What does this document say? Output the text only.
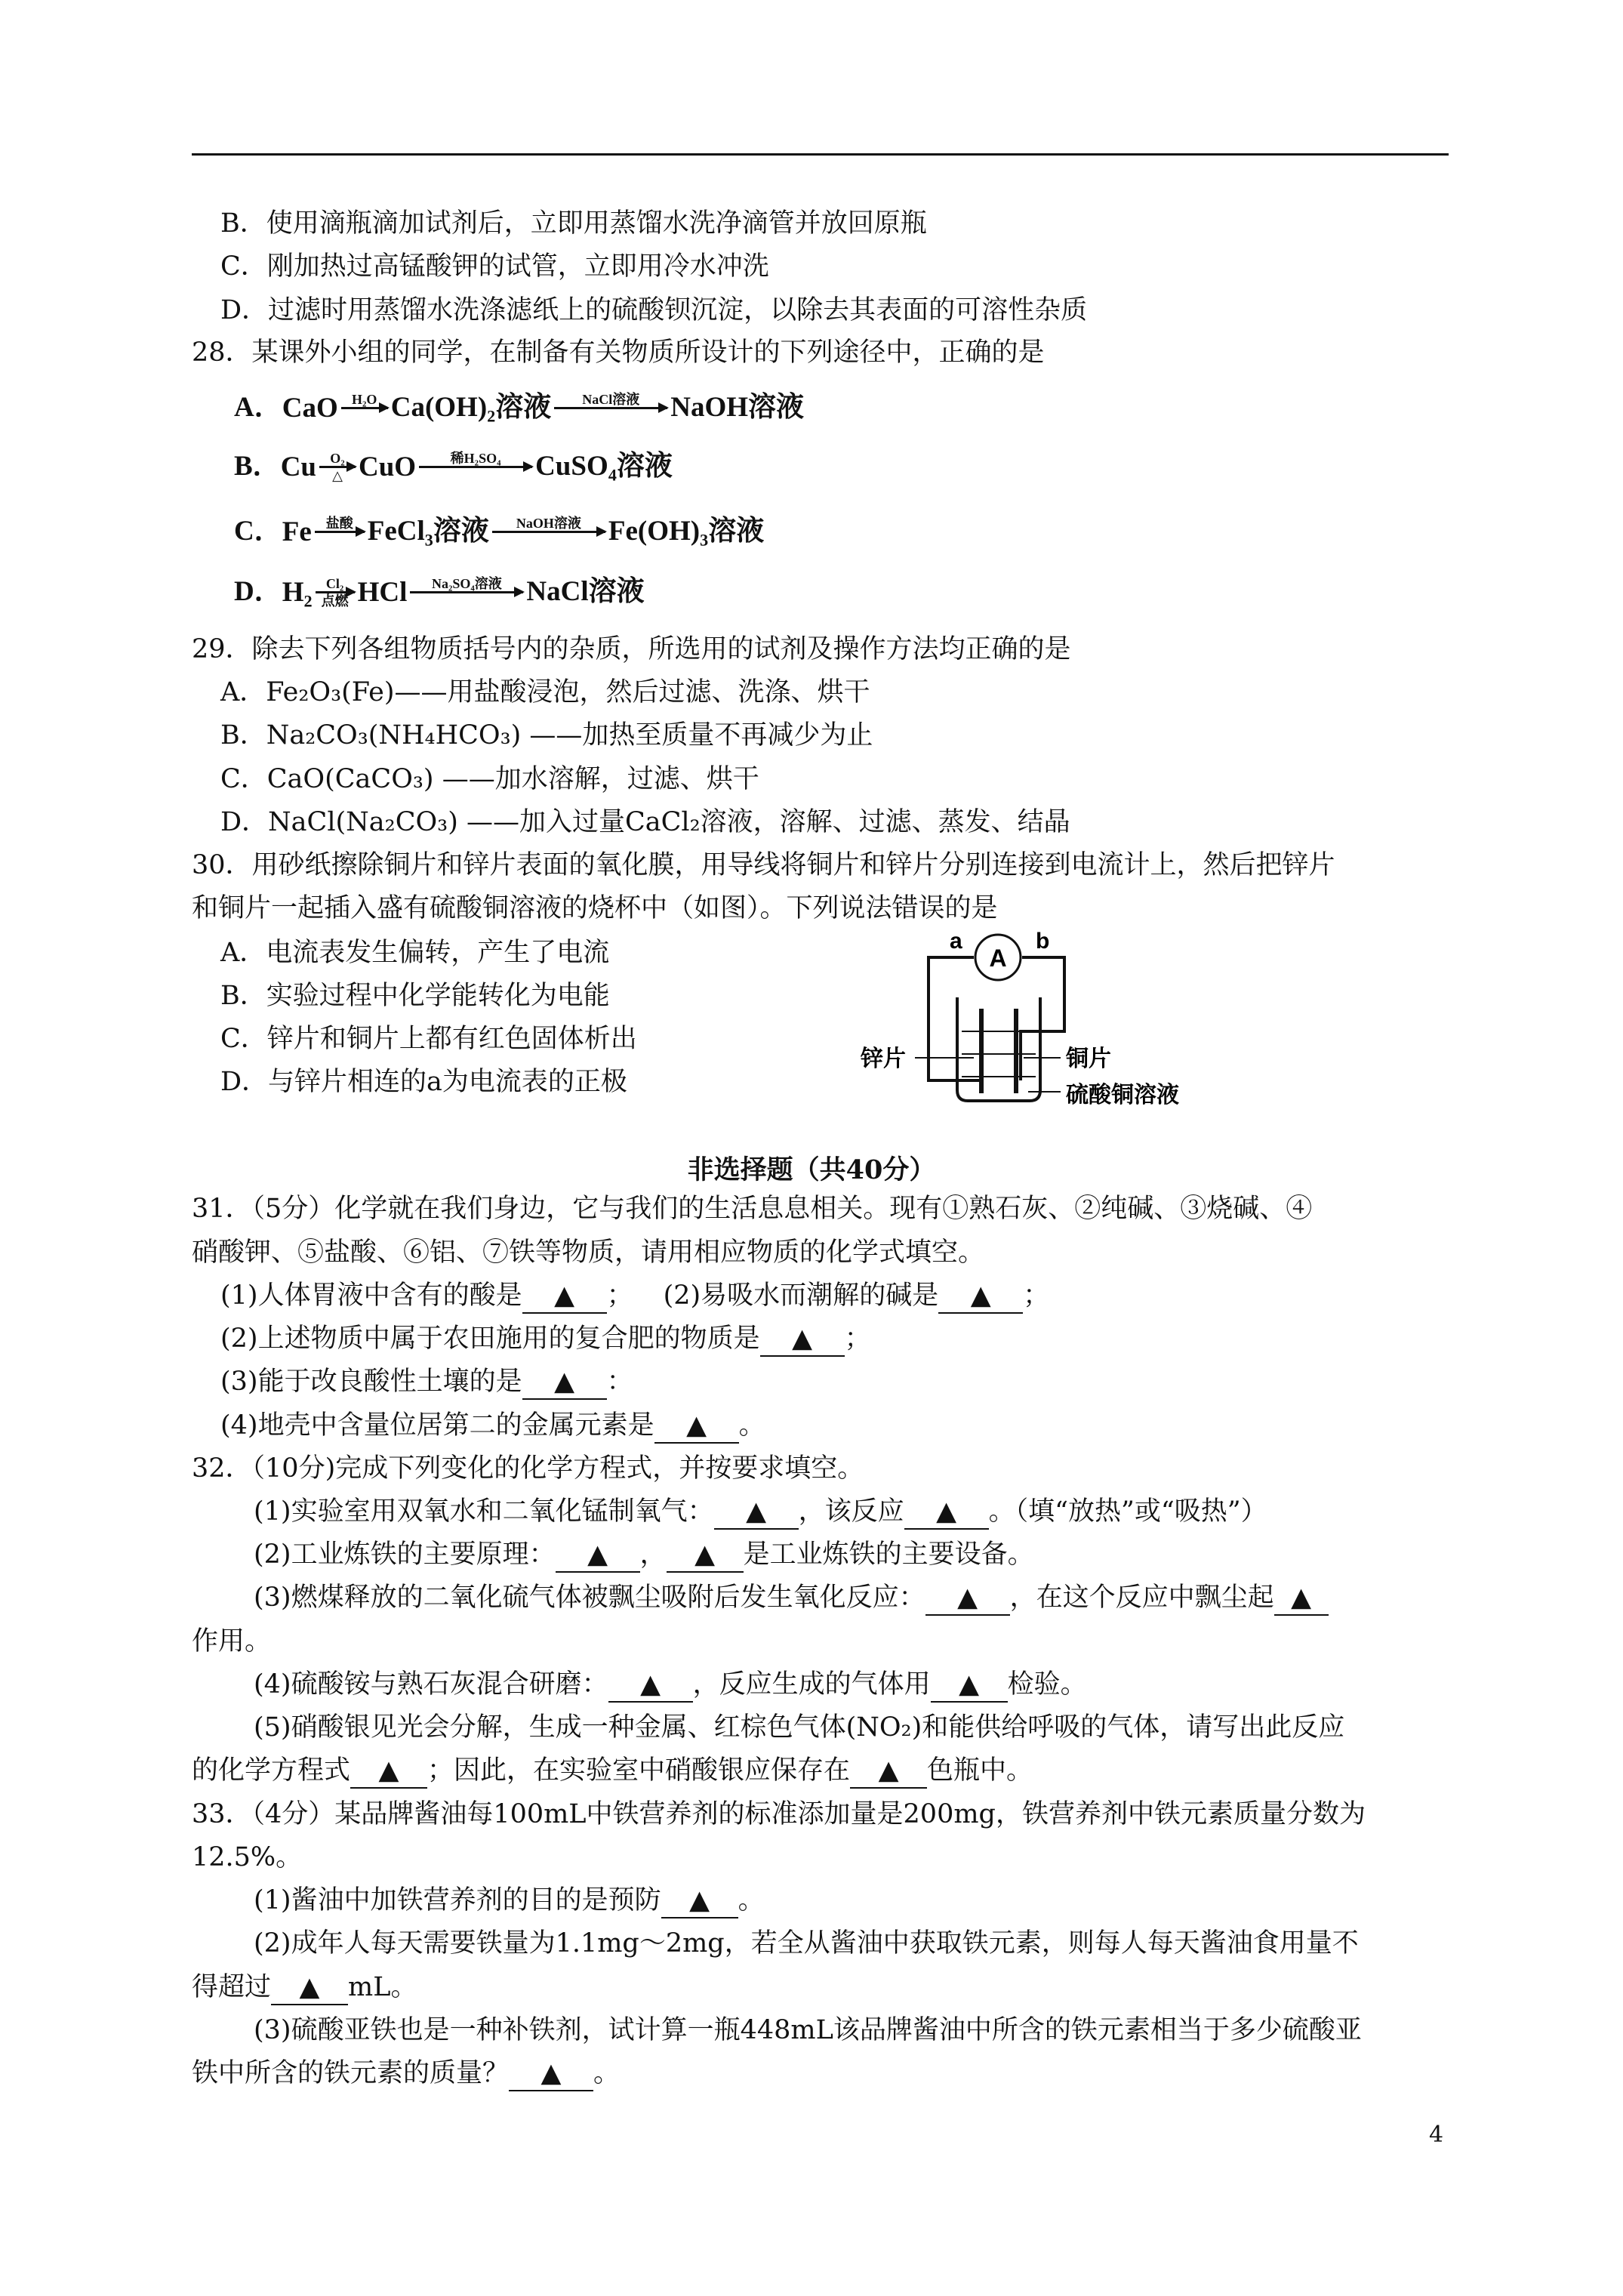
B．使用滴瓶滴加试剂后，立即用蒸馏水洗净滴管并放回原瓶
C．刚加热过高锰酸钾的试管，立即用冷水冲洗
D．过滤时用蒸馏水洗涤滤纸上的硫酸钡沉淀，以除去其表面的可溶性杂质
28．某课外小组的同学，在制备有关物质所设计的下列途径中，正确的是
A． CaO H₂O Ca(OH)₂溶液 NaCl溶液 NaOH溶液
B． Cu O₂
△ CuO	稀H₂SO₄ CuSO₄溶液
C． Fe 盐酸 FeCl₃溶液 NaOH溶液 Fe(OH)₃溶液
D． H₂ Cl₂
点燃 HCl Na₂SO₄溶液 NaCl溶液
29．除去下列各组物质括号内的杂质，所选用的试剂及操作方法均正确的是
A．Fe₂O₃(Fe)——用盐酸浸泡，然后过滤、洗涤、烘干
B．Na₂CO₃(NH₄HCO₃) ——加热至质量不再减少为止
C．CaO(CaCO₃) ——加水溶解，过滤、烘干
D．NaCl(Na₂CO₃) ——加入过量CaCl₂溶液，溶解、过滤、蒸发、结晶
30．用砂纸擦除铜片和锌片表面的氧化膜，用导线将铜片和锌片分别连接到电流计上，然后把锌片
和铜片一起插入盛有硫酸铜溶液的烧杯中（如图）。下列说法错误的是
A．电流表发生偏转，产生了电流
B．实验过程中化学能转化为电能
C．锌片和铜片上都有红色固体析出
D．与锌片相连的a为电流表的正极
A
a	b
锌片	铜片
硫酸铜溶液
非选择题（共40分）
31．（5分）化学就在我们身边，它与我们的生活息息相关。现有①熟石灰、②纯碱、③烧碱、④
硝酸钾、⑤盐酸、⑥铝、⑦铁等物质，请用相应物质的化学式填空。
(1)人体胃液中含有的酸是 ▲ ； (2)易吸水而潮解的碱是 ▲ ；
(2)上述物质中属于农田施用的复合肥的物质是 ▲ ；
(3)能于改良酸性土壤的是 ▲ ：
(4)地壳中含量位居第二的金属元素是 ▲ 。
32．（10分)完成下列变化的化学方程式，并按要求填空。
(1)实验室用双氧水和二氧化锰制氧气： ▲ ，该反应 ▲ 。（填“放热”或“吸热”）
(2)工业炼铁的主要原理： ▲ ， ▲ 是工业炼铁的主要设备。
(3)燃煤释放的二氧化硫气体被飘尘吸附后发生氧化反应： ▲ ，在这个反应中飘尘起 ▲
作用。
(4)硫酸铵与熟石灰混合研磨： ▲ ，反应生成的气体用 ▲ 检验。
(5)硝酸银见光会分解，生成一种金属、红棕色气体(NO₂)和能供给呼吸的气体，请写出此反应
的化学方程式 ▲ ；因此，在实验室中硝酸银应保存在 ▲ 色瓶中。
33．（4分）某品牌酱油每100mL中铁营养剂的标准添加量是200mg，铁营养剂中铁元素质量分数为
12.5%。
(1)酱油中加铁营养剂的目的是预防 ▲ 。
(2)成年人每天需要铁量为1.1mg～2mg，若全从酱油中获取铁元素，则每人每天酱油食用量不
得超过 ▲ mL。
(3)硫酸亚铁也是一种补铁剂，试计算一瓶448mL该品牌酱油中所含的铁元素相当于多少硫酸亚
铁中所含的铁元素的质量？ ▲ 。
4
